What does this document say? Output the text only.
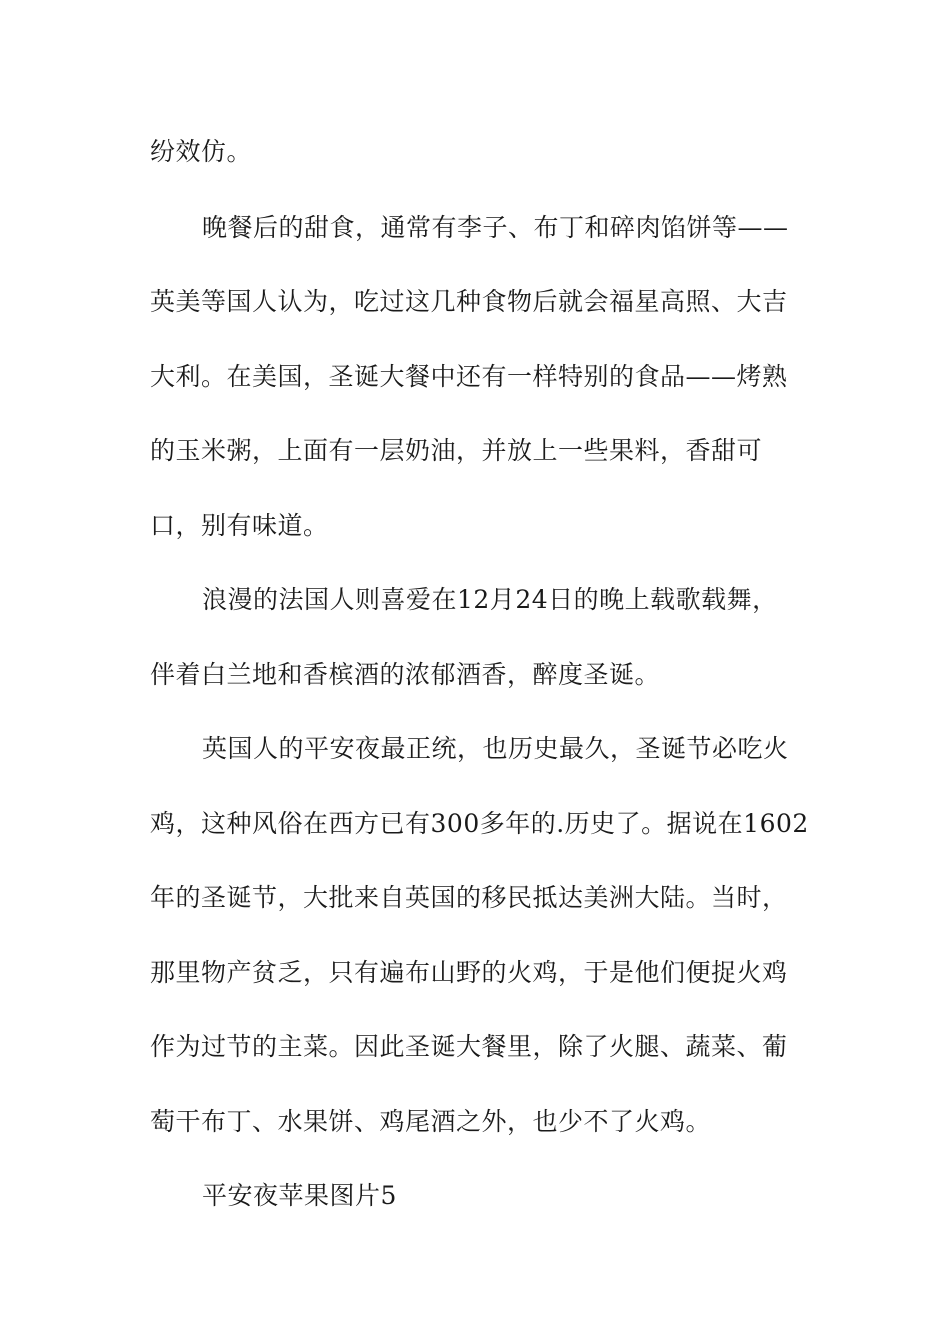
纷效仿。

晚餐后的甜食，通常有李子、布丁和碎肉馅饼等——

英美等国人认为，吃过这几种食物后就会福星高照、大吉

大利。在美国，圣诞大餐中还有一样特别的食品——烤熟

的玉米粥，上面有一层奶油，并放上一些果料，香甜可

口，别有味道。

浪漫的法国人则喜爱在12月24日的晚上载歌载舞，

伴着白兰地和香槟酒的浓郁酒香，醉度圣诞。

英国人的平安夜最正统，也历史最久，圣诞节必吃火

鸡，这种风俗在西方已有300多年的.历史了。据说在1602

年的圣诞节，大批来自英国的移民抵达美洲大陆。当时，

那里物产贫乏，只有遍布山野的火鸡，于是他们便捉火鸡

作为过节的主菜。因此圣诞大餐里，除了火腿、蔬菜、葡

萄干布丁、水果饼、鸡尾酒之外，也少不了火鸡。

平安夜苹果图片5
